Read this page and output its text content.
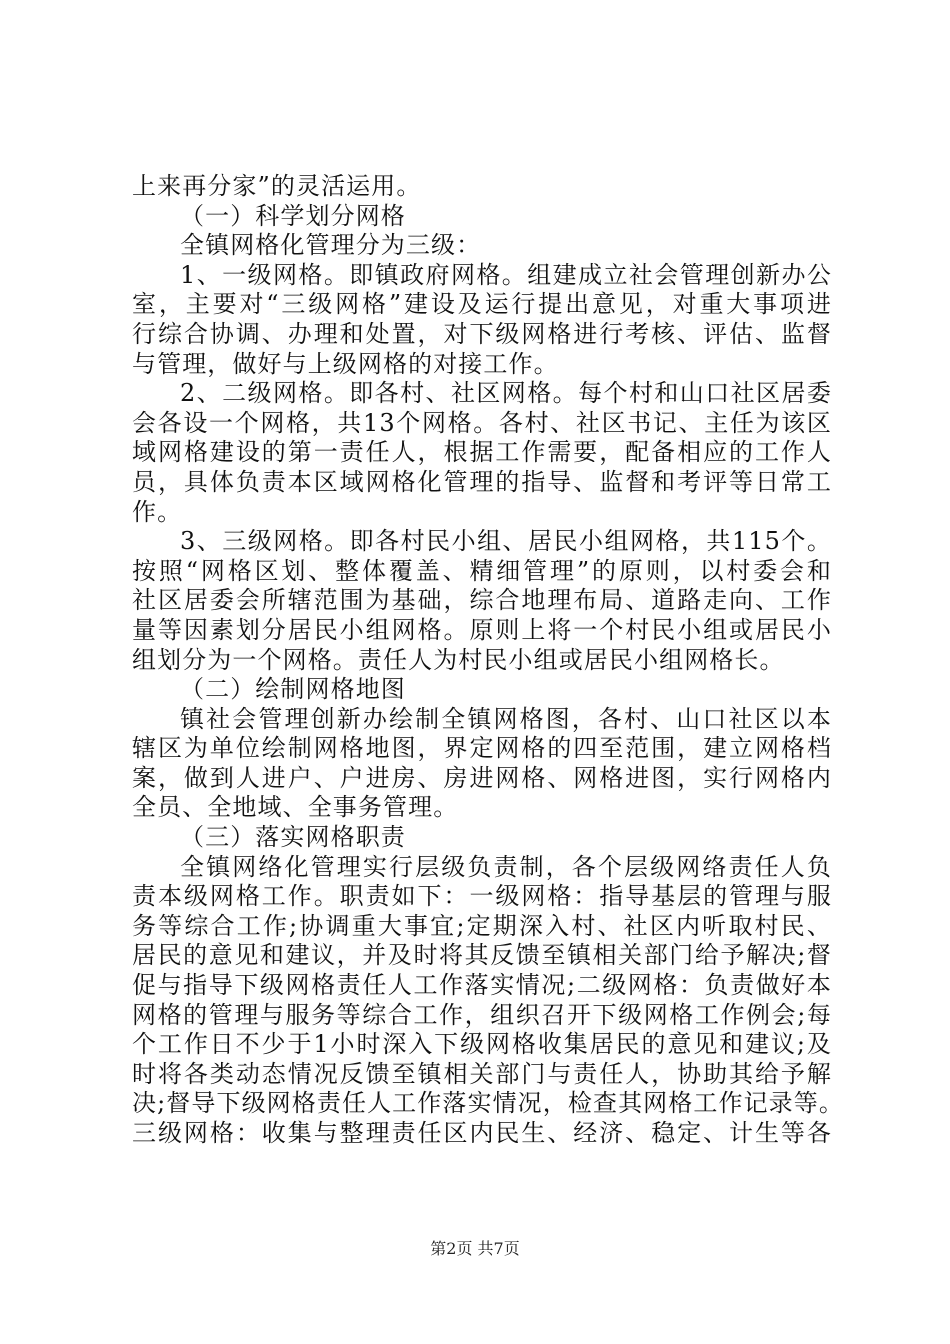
上来再分家”的灵活运用。
（一）科学划分网格
全镇网格化管理分为三级：
1、一级网格。即镇政府网格。组建成立社会管理创新办公
室，主要对“三级网格”建设及运行提出意见，对重大事项进
行综合协调、办理和处置，对下级网格进行考核、评估、监督
与管理，做好与上级网格的对接工作。
2、二级网格。即各村、社区网格。每个村和山口社区居委
会各设一个网格，共13个网格。各村、社区书记、主任为该区
域网格建设的第一责任人，根据工作需要，配备相应的工作人
员，具体负责本区域网格化管理的指导、监督和考评等日常工
作。
3、三级网格。即各村民小组、居民小组网格，共115个。
按照“网格区划、整体覆盖、精细管理”的原则，以村委会和
社区居委会所辖范围为基础，综合地理布局、道路走向、工作
量等因素划分居民小组网格。原则上将一个村民小组或居民小
组划分为一个网格。责任人为村民小组或居民小组网格长。
（二）绘制网格地图
镇社会管理创新办绘制全镇网格图，各村、山口社区以本
辖区为单位绘制网格地图，界定网格的四至范围，建立网格档
案，做到人进户、户进房、房进网格、网格进图，实行网格内
全员、全地域、全事务管理。
（三）落实网格职责
全镇网络化管理实行层级负责制，各个层级网络责任人负
责本级网格工作。职责如下：一级网格：指导基层的管理与服
务等综合工作;协调重大事宜;定期深入村、社区内听取村民、
居民的意见和建议，并及时将其反馈至镇相关部门给予解决;督
促与指导下级网格责任人工作落实情况;二级网格：负责做好本
网格的管理与服务等综合工作，组织召开下级网格工作例会;每
个工作日不少于1小时深入下级网格收集居民的意见和建议;及
时将各类动态情况反馈至镇相关部门与责任人，协助其给予解
决;督导下级网格责任人工作落实情况，检查其网格工作记录等。
三级网格：收集与整理责任区内民生、经济、稳定、计生等各
第2页 共7页
